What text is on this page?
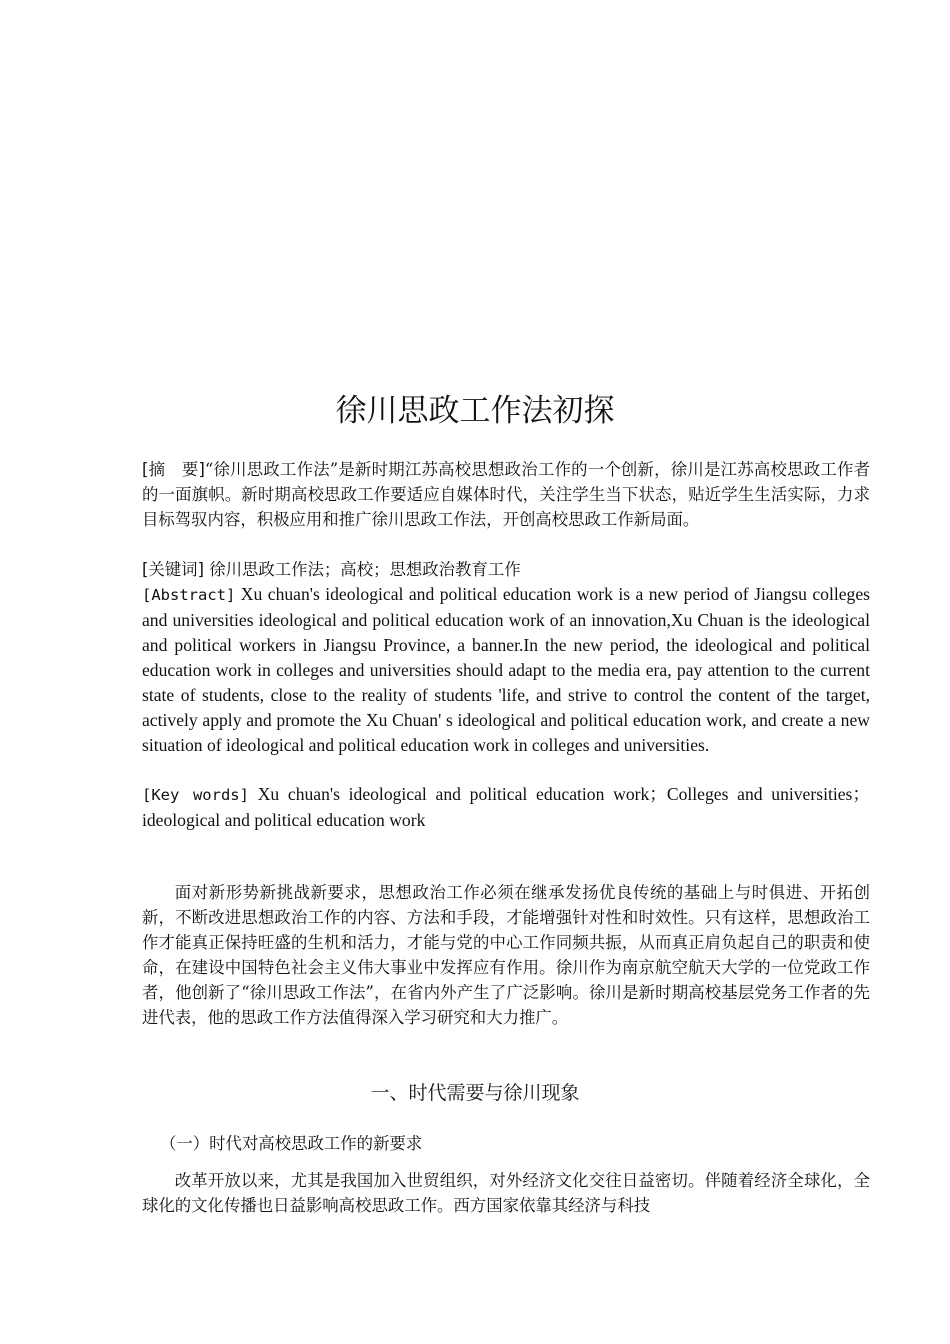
徐川思政工作法初探
[摘　要]“徐川思政工作法”是新时期江苏高校思想政治工作的一个创新，徐川是江苏高校思政工作者的一面旗帜。新时期高校思政工作要适应自媒体时代，关注学生当下状态，贴近学生生活实际，力求目标驾驭内容，积极应用和推广徐川思政工作法，开创高校思政工作新局面。
[关键词] 徐川思政工作法；高校；思想政治教育工作
[Abstract] Xu chuan's ideological and political education work is a new period of Jiangsu colleges and universities ideological and political education work of an innovation,Xu Chuan is the ideological and political workers in Jiangsu Province, a banner.In the new period, the ideological and political education work in colleges and universities should adapt to the media era, pay attention to the current state of students, close to the reality of students 'life, and strive to control the content of the target, actively apply and promote the Xu Chuan' s ideological and political education work, and create a new situation of ideological and political education work in colleges and universities.
[Key words] Xu chuan's ideological and political education work；Colleges and universities；ideological and political education work
面对新形势新挑战新要求，思想政治工作必须在继承发扬优良传统的基础上与时俱进、开拓创新，不断改进思想政治工作的内容、方法和手段，才能增强针对性和时效性。只有这样，思想政治工作才能真正保持旺盛的生机和活力，才能与党的中心工作同频共振，从而真正肩负起自己的职责和使命，在建设中国特色社会主义伟大事业中发挥应有作用。徐川作为南京航空航天大学的一位党政工作者，他创新了“徐川思政工作法”，在省内外产生了广泛影响。徐川是新时期高校基层党务工作者的先进代表，他的思政工作方法值得深入学习研究和大力推广。
一、时代需要与徐川现象
（一）时代对高校思政工作的新要求
改革开放以来，尤其是我国加入世贸组织，对外经济文化交往日益密切。伴随着经济全球化，全球化的文化传播也日益影响高校思政工作。西方国家依靠其经济与科技
